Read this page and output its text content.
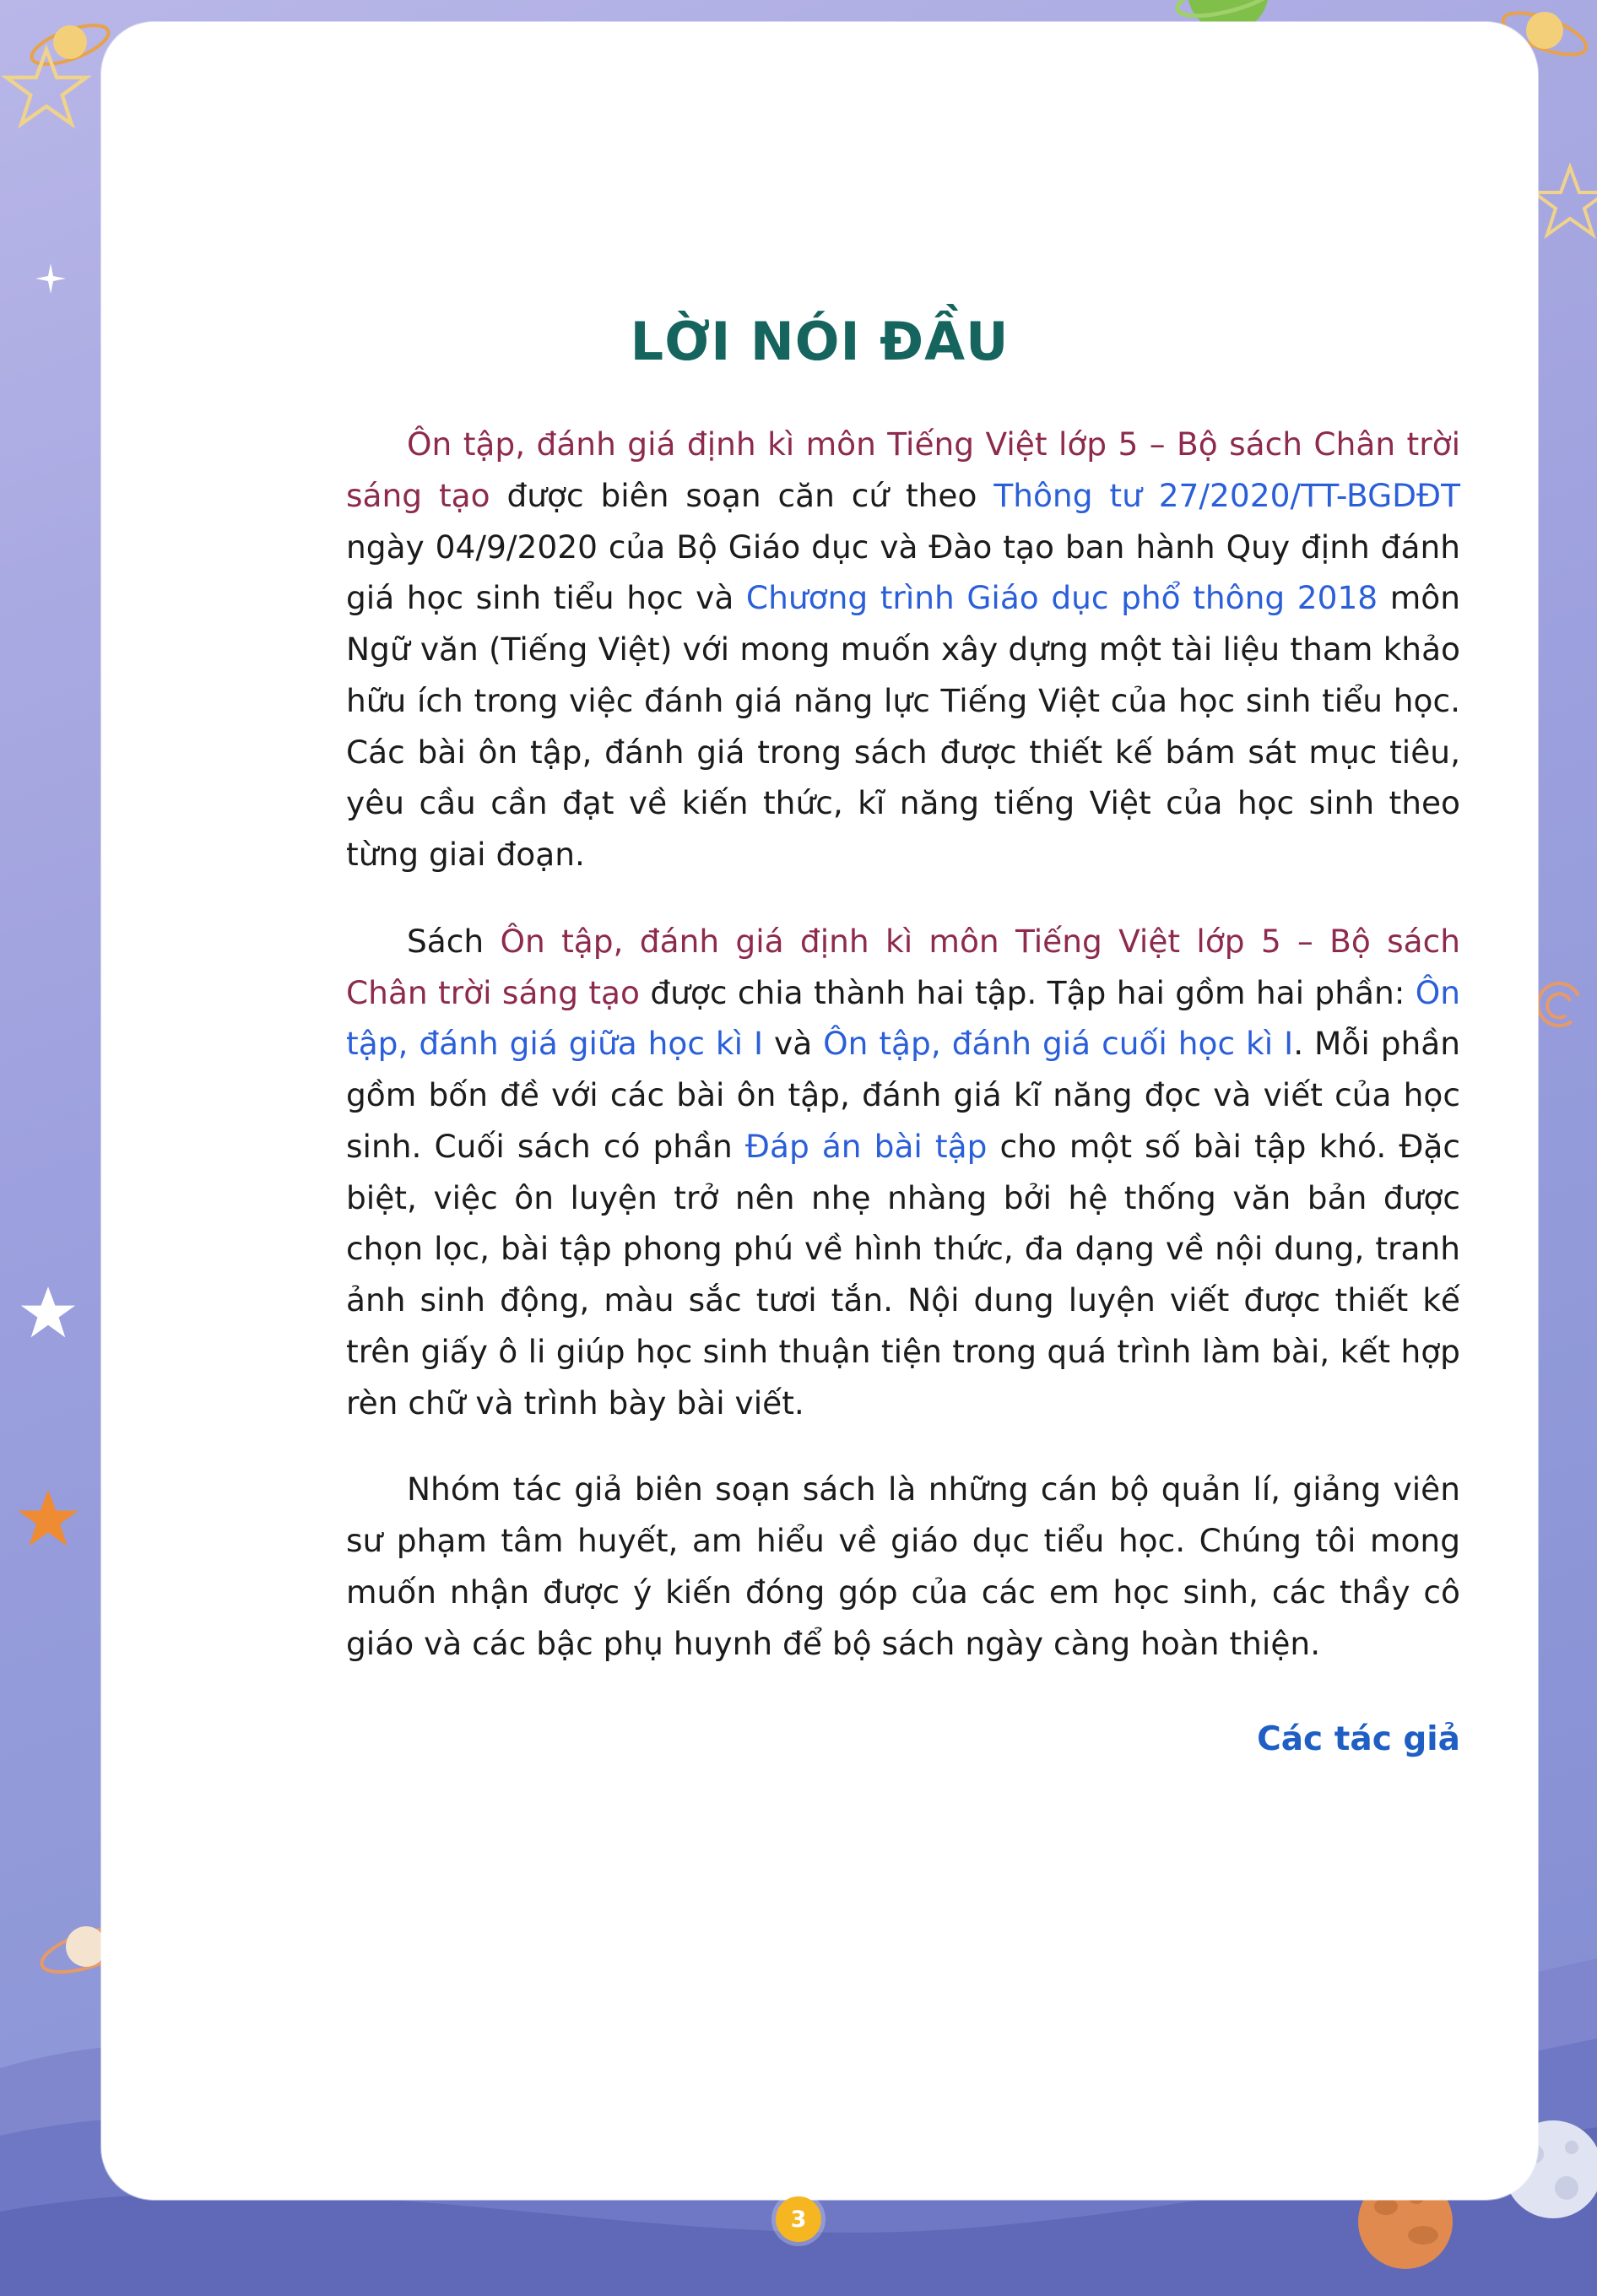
LỜI NÓI ĐẦU

Ôn tập, đánh giá định kì môn Tiếng Việt lớp 5 – Bộ sách Chân trời sáng tạo được biên soạn căn cứ theo Thông tư 27/2020/TT-BGDĐT ngày 04/9/2020 của Bộ Giáo dục và Đào tạo ban hành Quy định đánh giá học sinh tiểu học và Chương trình Giáo dục phổ thông 2018 môn Ngữ văn (Tiếng Việt) với mong muốn xây dựng một tài liệu tham khảo hữu ích trong việc đánh giá năng lực Tiếng Việt của học sinh tiểu học. Các bài ôn tập, đánh giá trong sách được thiết kế bám sát mục tiêu, yêu cầu cần đạt về kiến thức, kĩ năng tiếng Việt của học sinh theo từng giai đoạn.

Sách Ôn tập, đánh giá định kì môn Tiếng Việt lớp 5 – Bộ sách Chân trời sáng tạo được chia thành hai tập. Tập hai gồm hai phần: Ôn tập, đánh giá giữa học kì I và Ôn tập, đánh giá cuối học kì I. Mỗi phần gồm bốn đề với các bài ôn tập, đánh giá kĩ năng đọc và viết của học sinh. Cuối sách có phần Đáp án bài tập cho một số bài tập khó. Đặc biệt, việc ôn luyện trở nên nhẹ nhàng bởi hệ thống văn bản được chọn lọc, bài tập phong phú về hình thức, đa dạng về nội dung, tranh ảnh sinh động, màu sắc tươi tắn. Nội dung luyện viết được thiết kế trên giấy ô li giúp học sinh thuận tiện trong quá trình làm bài, kết hợp rèn chữ và trình bày bài viết.

Nhóm tác giả biên soạn sách là những cán bộ quản lí, giảng viên sư phạm tâm huyết, am hiểu về giáo dục tiểu học. Chúng tôi mong muốn nhận được ý kiến đóng góp của các em học sinh, các thầy cô giáo và các bậc phụ huynh để bộ sách ngày càng hoàn thiện.

Các tác giả
3
